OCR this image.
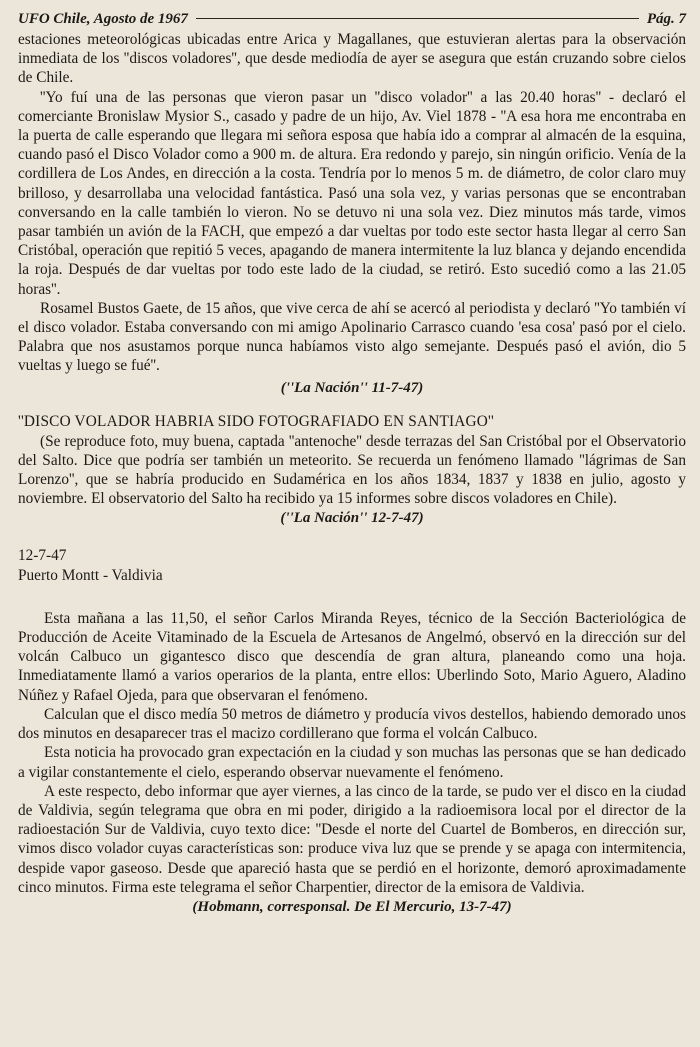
UFO Chile, Agosto de 1967	Pág. 7

estaciones meteorológicas ubicadas entre Arica y Magallanes, que estuvieran alertas para la observación inmediata de los ''discos voladores'', que desde mediodía de ayer se asegura que están cruzando sobre cielos de Chile.

''Yo fuí una de las personas que vieron pasar un ''disco volador'' a las 20.40 horas'' - declaró el comerciante Bronislaw Mysior S., casado y padre de un hijo, Av. Viel 1878 - ''A esa hora me encontraba en la puerta de calle esperando que llegara mi señora esposa que había ido a comprar al almacén de la esquina, cuando pasó el Disco Volador como a 900 m. de altura. Era redondo y parejo, sin ningún orificio. Venía de la cordillera de Los Andes, en dirección a la costa. Tendría por lo menos 5 m. de diámetro, de color claro muy brilloso, y desarrollaba una velocidad fantástica. Pasó una sola vez, y varias personas que se encontraban conversando en la calle también lo vieron. No se detuvo ni una sola vez. Diez minutos más tarde, vimos pasar también un avión de la FACH, que empezó a dar vueltas por todo este sector hasta llegar al cerro San Cristóbal, operación que repitió 5 veces, apagando de manera intermitente la luz blanca y dejando encendida la roja. Después de dar vueltas por todo este lado de la ciudad, se retiró. Esto sucedió como a las 21.05 horas''.

Rosamel Bustos Gaete, de 15 años, que vive cerca de ahí se acercó al periodista y declaró ''Yo también ví el disco volador. Estaba conversando con mi amigo Apolinario Carrasco cuando 'esa cosa' pasó por el cielo. Palabra que nos asustamos porque nunca habíamos visto algo semejante. Después pasó el avión, dio 5 vueltas y luego se fué''.

(''La Nación'' 11-7-47)
''DISCO VOLADOR HABRIA SIDO FOTOGRAFIADO EN SANTIAGO''

(Se reproduce foto, muy buena, captada ''antenoche'' desde terrazas del San Cristóbal por el Observatorio del Salto. Dice que podría ser también un meteorito. Se recuerda un fenómeno llamado ''lágrimas de San Lorenzo'', que se habría producido en Sudamérica en los años 1834, 1837 y 1838 en julio, agosto y noviembre. El observatorio del Salto ha recibido ya 15 informes sobre discos voladores en Chile).

(''La Nación'' 12-7-47)

12-7-47

Puerto Montt - Valdivia

Esta mañana a las 11,50, el señor Carlos Miranda Reyes, técnico de la Sección Bacteriológica de Producción de Aceite Vitaminado de la Escuela de Artesanos de Angelmó, observó en la dirección sur del volcán Calbuco un gigantesco disco que descendía de gran altura, planeando como una hoja. Inmediatamente llamó a varios operarios de la planta, entre ellos: Uberlindo Soto, Mario Aguero, Aladino Núñez y Rafael Ojeda, para que observaran el fenómeno.

Calculan que el disco medía 50 metros de diámetro y producía vivos destellos, habiendo demorado unos dos minutos en desaparecer tras el macizo cordillerano que forma el volcán Calbuco.

Esta noticia ha provocado gran expectación en la ciudad y son muchas las personas que se han dedicado a vigilar constantemente el cielo, esperando observar nuevamente el fenómeno.

A este respecto, debo informar que ayer viernes, a las cinco de la tarde, se pudo ver el disco en la ciudad de Valdivia, según telegrama que obra en mi poder, dirigido a la radioemisora local por el director de la radioestación Sur de Valdivia, cuyo texto dice: ''Desde el norte del Cuartel de Bomberos, en dirección sur, vimos disco volador cuyas características son: produce viva luz que se prende y se apaga con intermitencia, despide vapor gaseoso. Desde que apareció hasta que se perdió en el horizonte, demoró aproximadamente cinco minutos. Firma este telegrama el señor Charpentier, director de la emisora de Valdivia.

(Hobmann, corresponsal. De El Mercurio, 13-7-47)
